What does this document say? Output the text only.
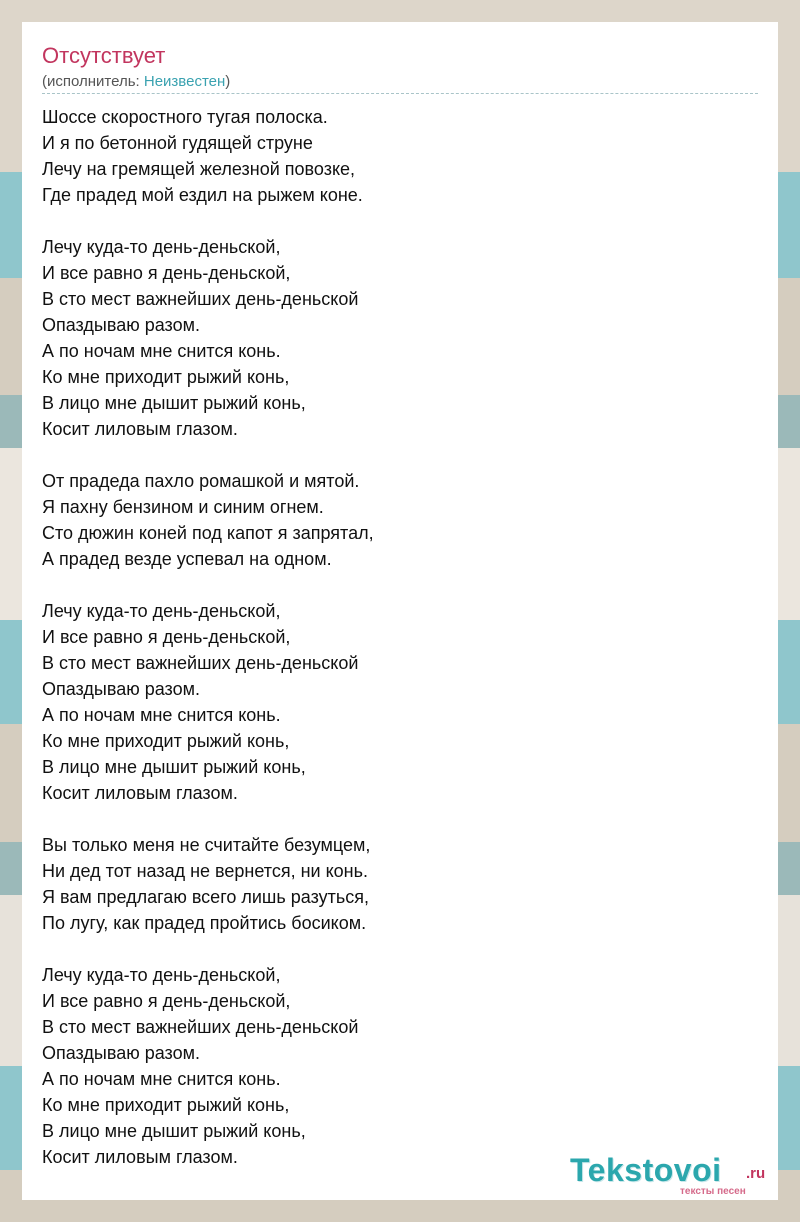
Отсутствует
(исполнитель: Неизвестен)
Шоссе скоростного тугая полоска.
И я по бетонной гудящей струне
Лечу на гремящей железной повозке,
Где прадед мой ездил на рыжем коне.
Лечу куда-то день-деньской,
И все равно я день-деньской,
В сто мест важнейших день-деньской
Опаздываю разом.
А по ночам мне снится конь.
Ко мне приходит рыжий конь,
В лицо мне дышит рыжий конь,
Косит лиловым глазом.
От прадеда пахло ромашкой и мятой.
Я пахну бензином и синим огнем.
Сто дюжин коней под капот я запрятал,
А прадед везде успевал на одном.
Лечу куда-то день-деньской,
И все равно я день-деньской,
В сто мест важнейших день-деньской
Опаздываю разом.
А по ночам мне снится конь.
Ко мне приходит рыжий конь,
В лицо мне дышит рыжий конь,
Косит лиловым глазом.
Вы только меня не считайте безумцем,
Ни дед тот назад не вернется, ни конь.
Я вам предлагаю всего лишь разуться,
По лугу, как прадед пройтись босиком.
Лечу куда-то день-деньской,
И все равно я день-деньской,
В сто мест важнейших день-деньской
Опаздываю разом.
А по ночам мне снится конь.
Ко мне приходит рыжий конь,
В лицо мне дышит рыжий конь,
Косит лиловым глазом.	Tekstovoi .ru
тексты песен
